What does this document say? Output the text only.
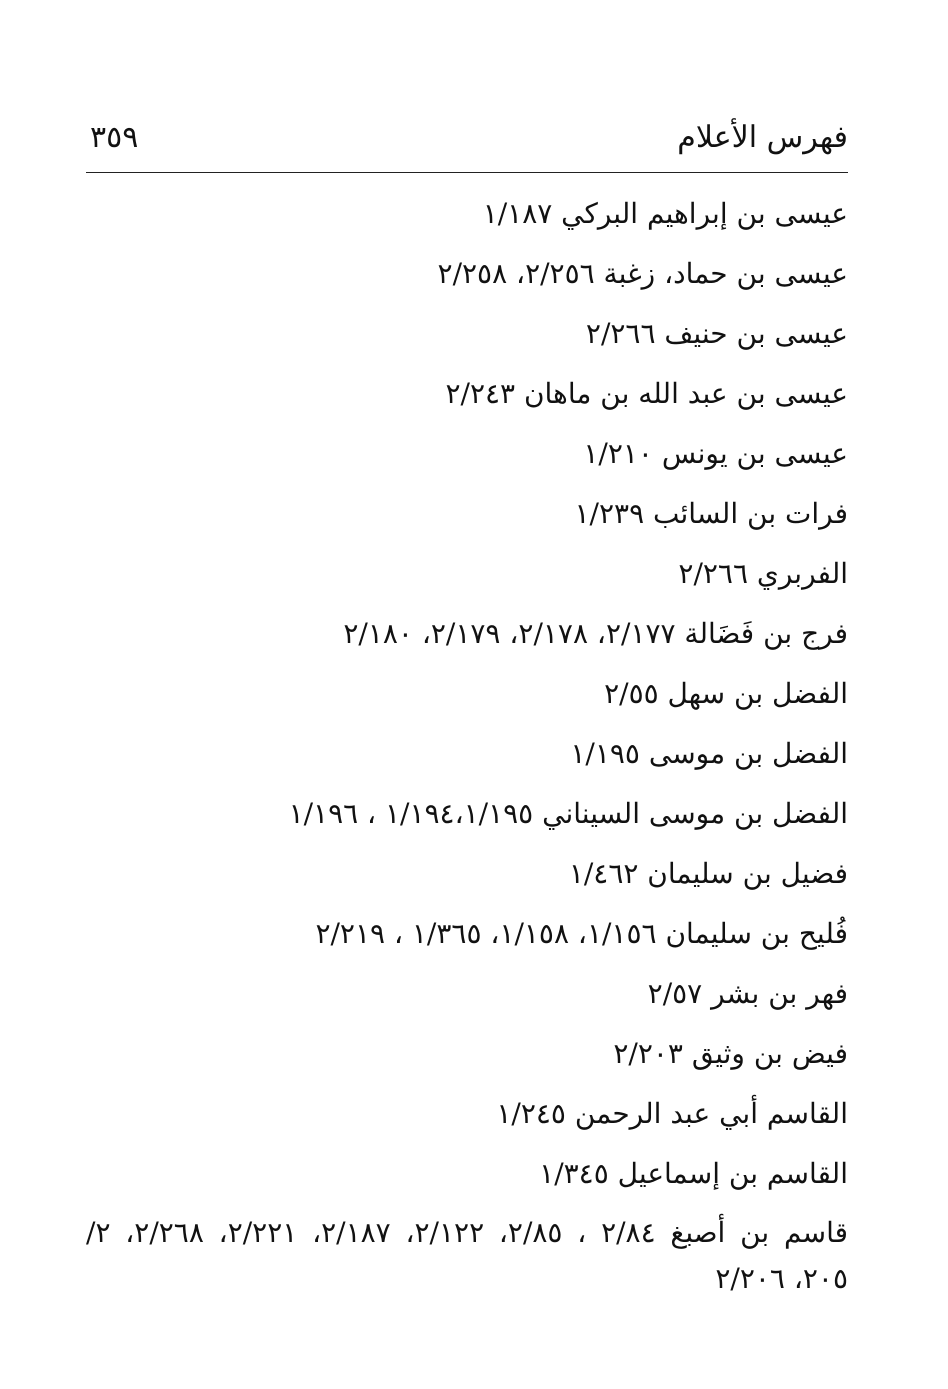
فهرس الأعلام
٣٥٩
عيسى بن إبراهيم البركي ١/١٨٧
عيسى بن حماد، زغبة ٢/٢٥٦، ٢/٢٥٨
عيسى بن حنيف ٢/٢٦٦
عيسى بن عبد الله بن ماهان ٢/٢٤٣
عيسى بن يونس ١/٢١٠
فرات بن السائب ١/٢٣٩
الفربري ٢/٢٦٦
فرج بن فَضَالة ٢/١٧٧، ٢/١٧٨، ٢/١٧٩، ٢/١٨٠
الفضل بن سهل ٢/٥٥
الفضل بن موسى ١/١٩٥
الفضل بن موسى السيناني ١/١٩٤،١/١٩٥ ، ١/١٩٦
فضيل بن سليمان ١/٤٦٢
فُليح بن سليمان ١/١٥٦، ١/١٥٨، ١/٣٦٥ ، ٢/٢١٩
فهر بن بشر ٢/٥٧
فيض بن وثيق ٢/٢٠٣
القاسم أبي عبد الرحمن ١/٢٤٥
القاسم بن إسماعيل ١/٣٤٥
قاسم بن أصبغ ٢/٨٤ ، ٢/٨٥، ٢/١٢٢، ٢/١٨٧، ٢/٢٢١، ٢/٢٦٨، ٢/ ٢٠٥، ٢/٢٠٦
